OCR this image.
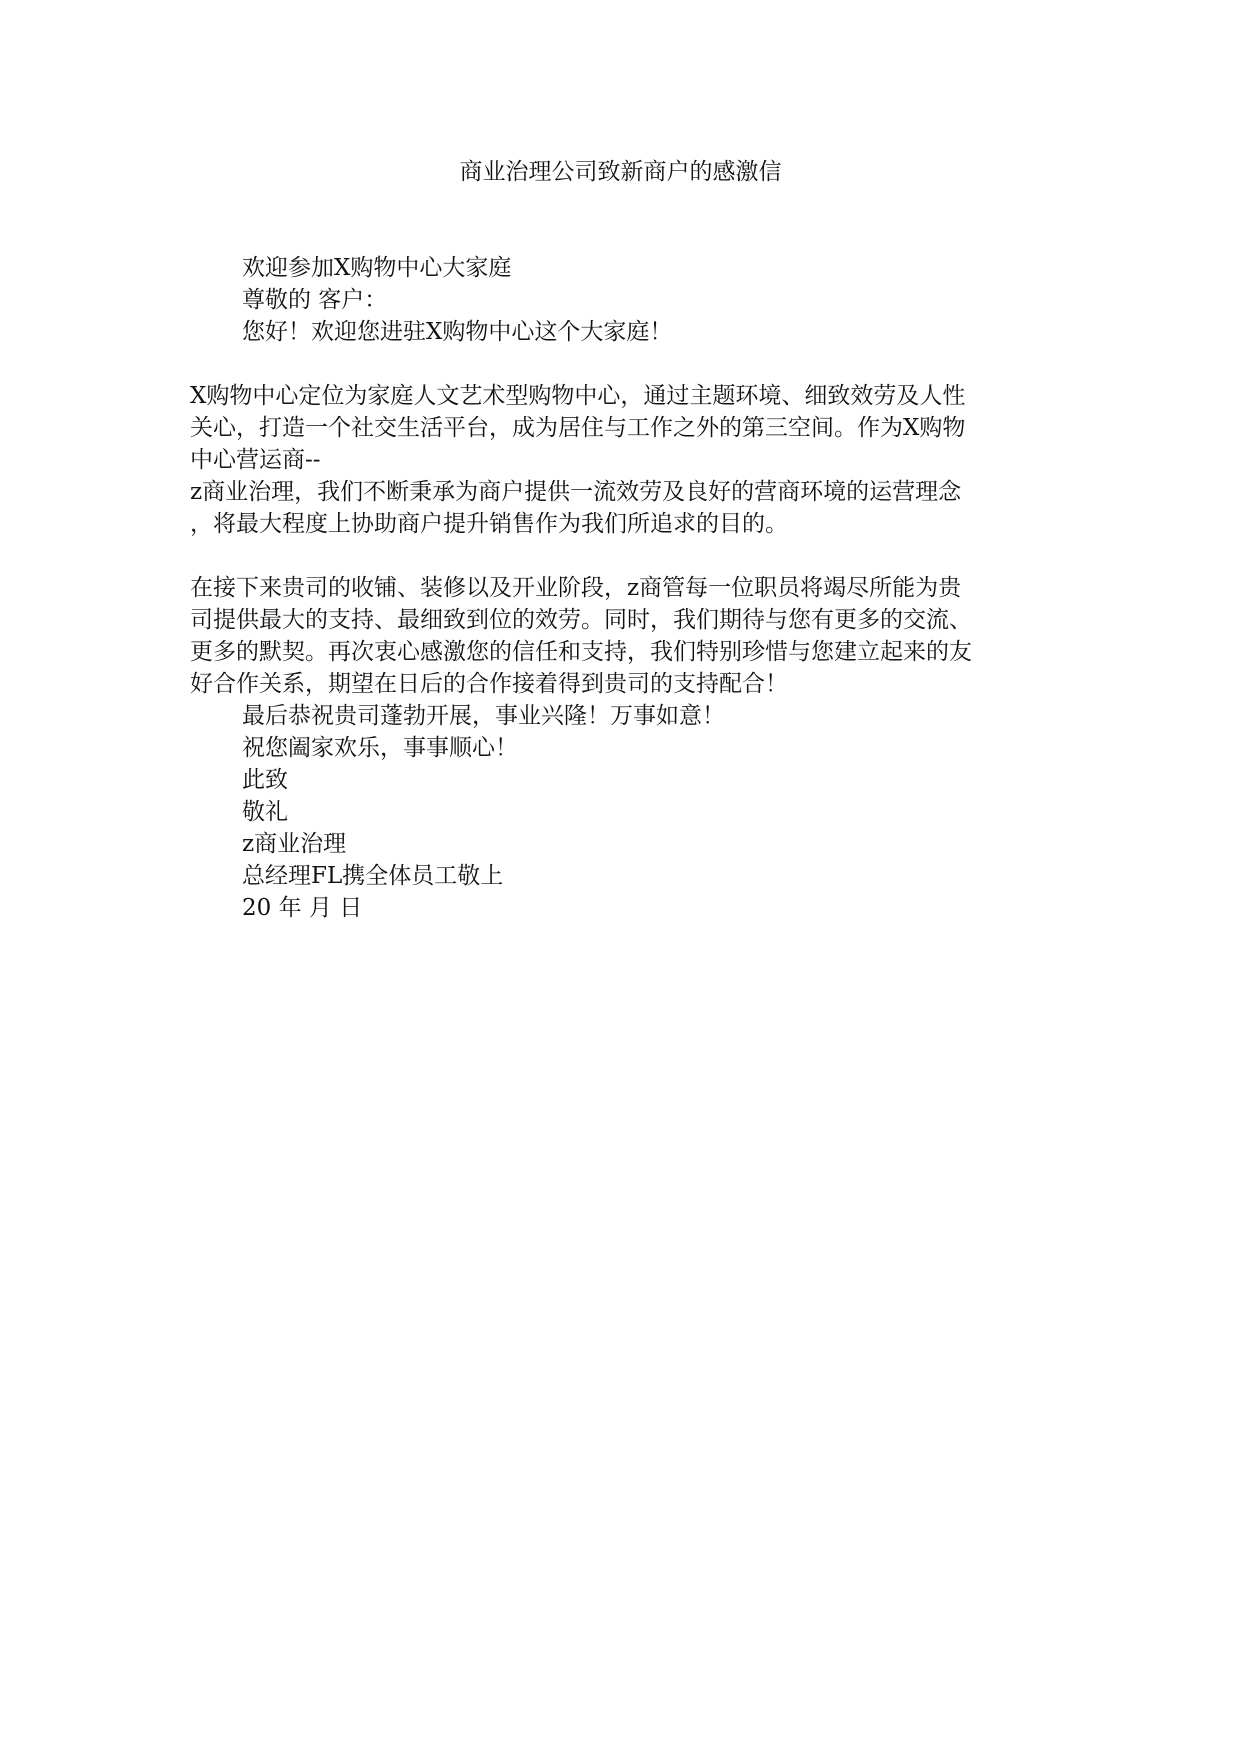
商业治理公司致新商户的感激信
欢迎参加X购物中心大家庭
尊敬的 客户：
您好！欢迎您进驻X购物中心这个大家庭！
X购物中心定位为家庭人文艺术型购物中心，通过主题环境、细致效劳及人性
关心，打造一个社交生活平台，成为居住与工作之外的第三空间。作为X购物
中心营运商--
z商业治理，我们不断秉承为商户提供一流效劳及良好的营商环境的运营理念
，将最大程度上协助商户提升销售作为我们所追求的目的。
在接下来贵司的收铺、装修以及开业阶段，z商管每一位职员将竭尽所能为贵
司提供最大的支持、最细致到位的效劳。同时，我们期待与您有更多的交流、
更多的默契。再次衷心感激您的信任和支持，我们特别珍惜与您建立起来的友
好合作关系，期望在日后的合作接着得到贵司的支持配合！
最后恭祝贵司蓬勃开展，事业兴隆！万事如意！
祝您阖家欢乐，事事顺心！
此致
敬礼
z商业治理
总经理FL携全体员工敬上
20 年 月 日
